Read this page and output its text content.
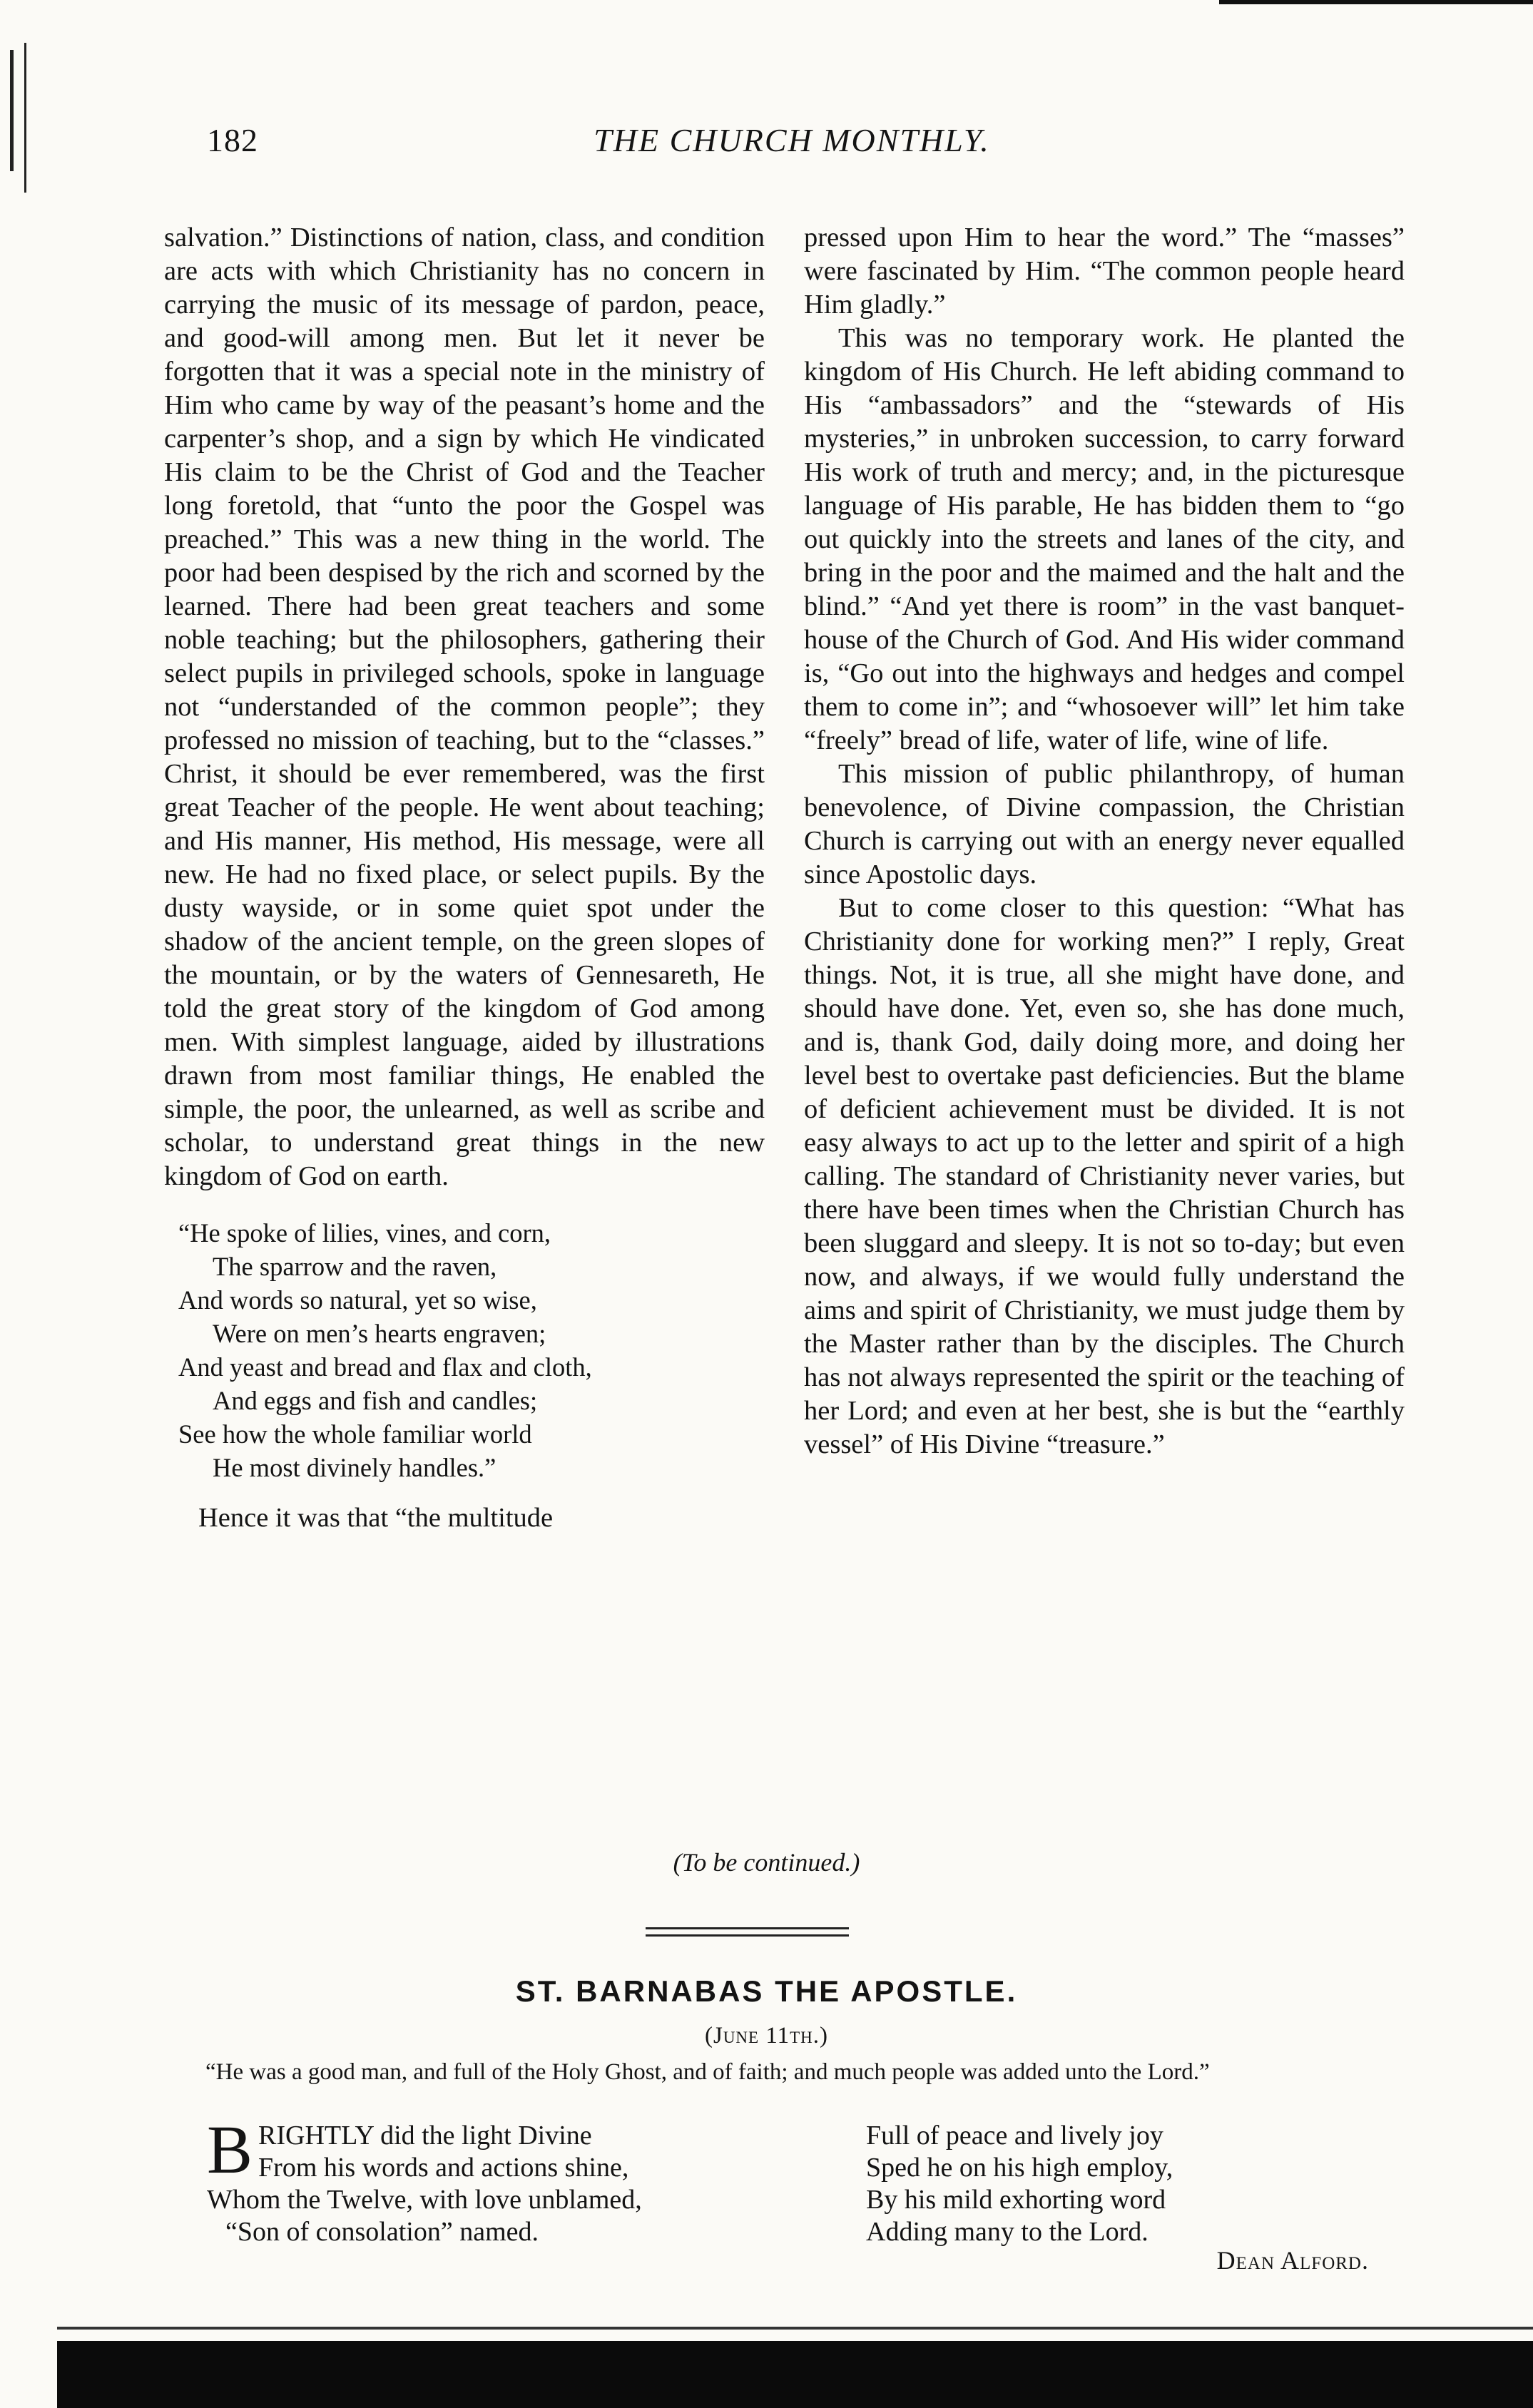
182	THE CHURCH MONTHLY.

salvation.” Distinctions of nation, class, and condition are acts with which Christianity has no concern in carrying the music of its message of pardon, peace, and good-will among men. But let it never be forgotten that it was a special note in the ministry of Him who came by way of the peasant’s home and the carpenter’s shop, and a sign by which He vindicated His claim to be the Christ of God and the Teacher long foretold, that “unto the poor the Gospel was preached.” This was a new thing in the world. The poor had been despised by the rich and scorned by the learned. There had been great teachers and some noble teaching; but the philosophers, gathering their select pupils in privileged schools, spoke in language not “understanded of the common people”; they professed no mission of teaching, but to the “classes.” Christ, it should be ever remembered, was the first great Teacher of the people. He went about teaching; and His manner, His method, His message, were all new. He had no fixed place, or select pupils. By the dusty wayside, or in some quiet spot under the shadow of the ancient temple, on the green slopes of the mountain, or by the waters of Gennesareth, He told the great story of the kingdom of God among men. With simplest language, aided by illustrations drawn from most familiar things, He enabled the simple, the poor, the unlearned, as well as scribe and scholar, to understand great things in the new kingdom of God on earth.

“He spoke of lilies, vines, and corn,
The sparrow and the raven,
And words so natural, yet so wise,
Were on men’s hearts engraven;
And yeast and bread and flax and cloth,
And eggs and fish and candles;
See how the whole familiar world
He most divinely handles.”

Hence it was that “the multitude

pressed upon Him to hear the word.” The “masses” were fascinated by Him. “The common people heard Him gladly.”

This was no temporary work. He planted the kingdom of His Church. He left abiding command to His “ambassadors” and the “stewards of His mysteries,” in unbroken succession, to carry forward His work of truth and mercy; and, in the picturesque language of His parable, He has bidden them to “go out quickly into the streets and lanes of the city, and bring in the poor and the maimed and the halt and the blind.” “And yet there is room” in the vast banquet-house of the Church of God. And His wider command is, “Go out into the highways and hedges and compel them to come in”; and “whosoever will” let him take “freely” bread of life, water of life, wine of life.

This mission of public philanthropy, of human benevolence, of Divine compassion, the Christian Church is carrying out with an energy never equalled since Apostolic days.

But to come closer to this question: “What has Christianity done for working men?” I reply, Great things. Not, it is true, all she might have done, and should have done. Yet, even so, she has done much, and is, thank God, daily doing more, and doing her level best to overtake past deficiencies. But the blame of deficient achievement must be divided. It is not easy always to act up to the letter and spirit of a high calling. The standard of Christianity never varies, but there have been times when the Christian Church has been sluggard and sleepy. It is not so to-day; but even now, and always, if we would fully understand the aims and spirit of Christianity, we must judge them by the Master rather than by the disciples. The Church has not always represented the spirit or the teaching of her Lord; and even at her best, she is but the “earthly vessel” of His Divine “treasure.”

(To be continued.)
ST. BARNABAS THE APOSTLE.
(June 11th.)
“He was a good man, and full of the Holy Ghost, and of faith; and much people was added unto the Lord.”
B RIGHTLY did the light Divine
From his words and actions shine,
Whom the Twelve, with love unblamed,
“Son of consolation” named.
Full of peace and lively joy
Sped he on his high employ,
By his mild exhorting word
Adding many to the Lord.
Dean Alford.
